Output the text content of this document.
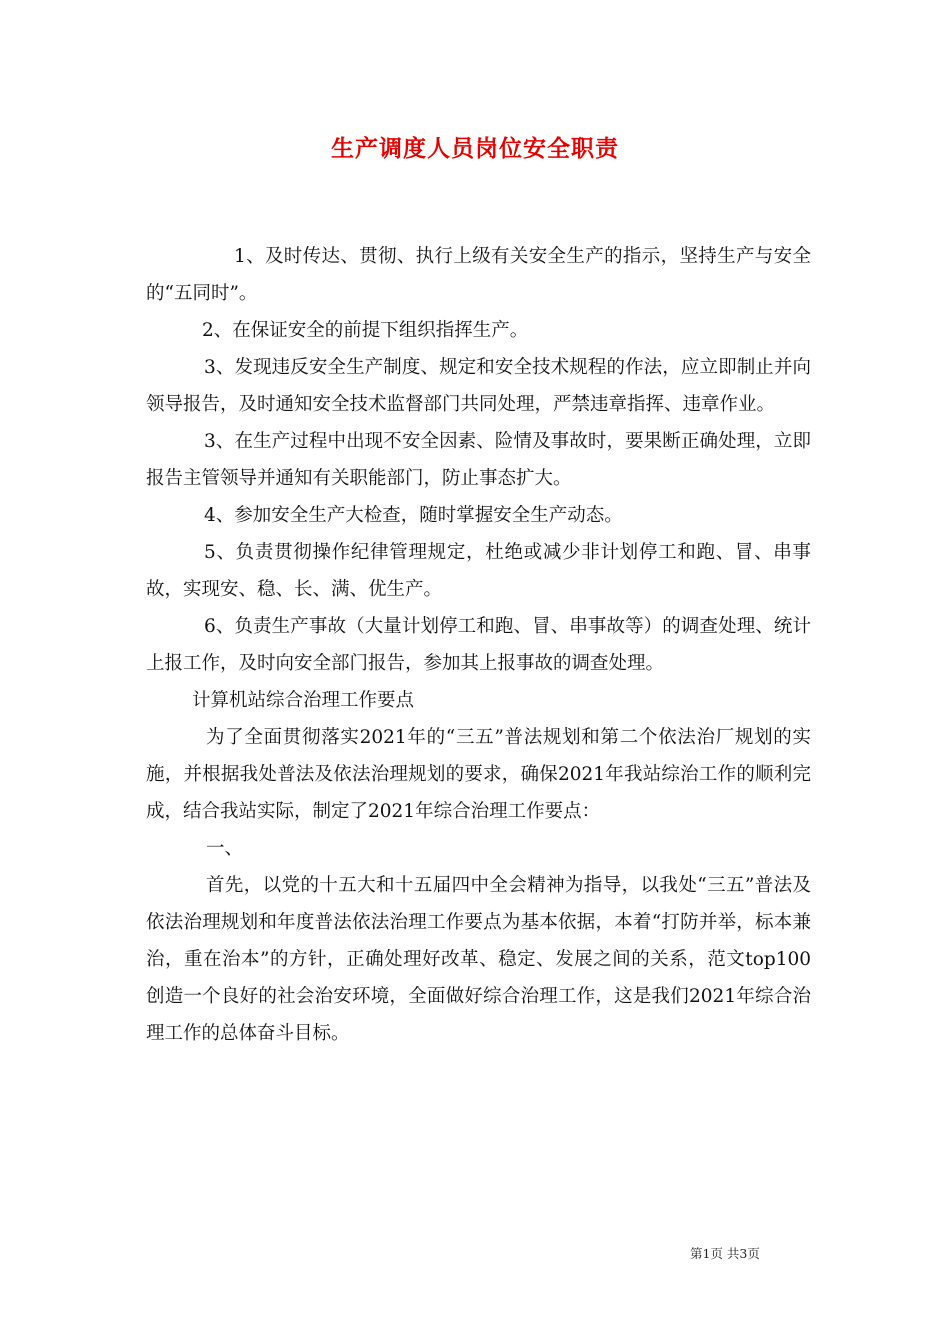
生产调度人员岗位安全职责

1、及时传达、贯彻、执行上级有关安全生产的指示，坚持生产与安全的“五同时”。

2、在保证安全的前提下组织指挥生产。

3、发现违反安全生产制度、规定和安全技术规程的作法，应立即制止并向领导报告，及时通知安全技术监督部门共同处理，严禁违章指挥、违章作业。

3、在生产过程中出现不安全因素、险情及事故时，要果断正确处理，立即报告主管领导并通知有关职能部门，防止事态扩大。

4、参加安全生产大检查，随时掌握安全生产动态。

5、负责贯彻操作纪律管理规定，杜绝或减少非计划停工和跑、冒、串事故，实现安、稳、长、满、优生产。

6、负责生产事故（大量计划停工和跑、冒、串事故等）的调查处理、统计上报工作，及时向安全部门报告，参加其上报事故的调查处理。

计算机站综合治理工作要点

为了全面贯彻落实2021年的“三五”普法规划和第二个依法治厂规划的实施，并根据我处普法及依法治理规划的要求，确保2021年我站综治工作的顺利完成，结合我站实际，制定了2021年综合治理工作要点：

一、

首先，以党的十五大和十五届四中全会精神为指导，以我处“三五”普法及依法治理规划和年度普法依法治理工作要点为基本依据，本着“打防并举，标本兼治，重在治本”的方针，正确处理好改革、稳定、发展之间的关系，范文top100创造一个良好的社会治安环境，全面做好综合治理工作，这是我们2021年综合治理工作的总体奋斗目标。

第1页 共3页
